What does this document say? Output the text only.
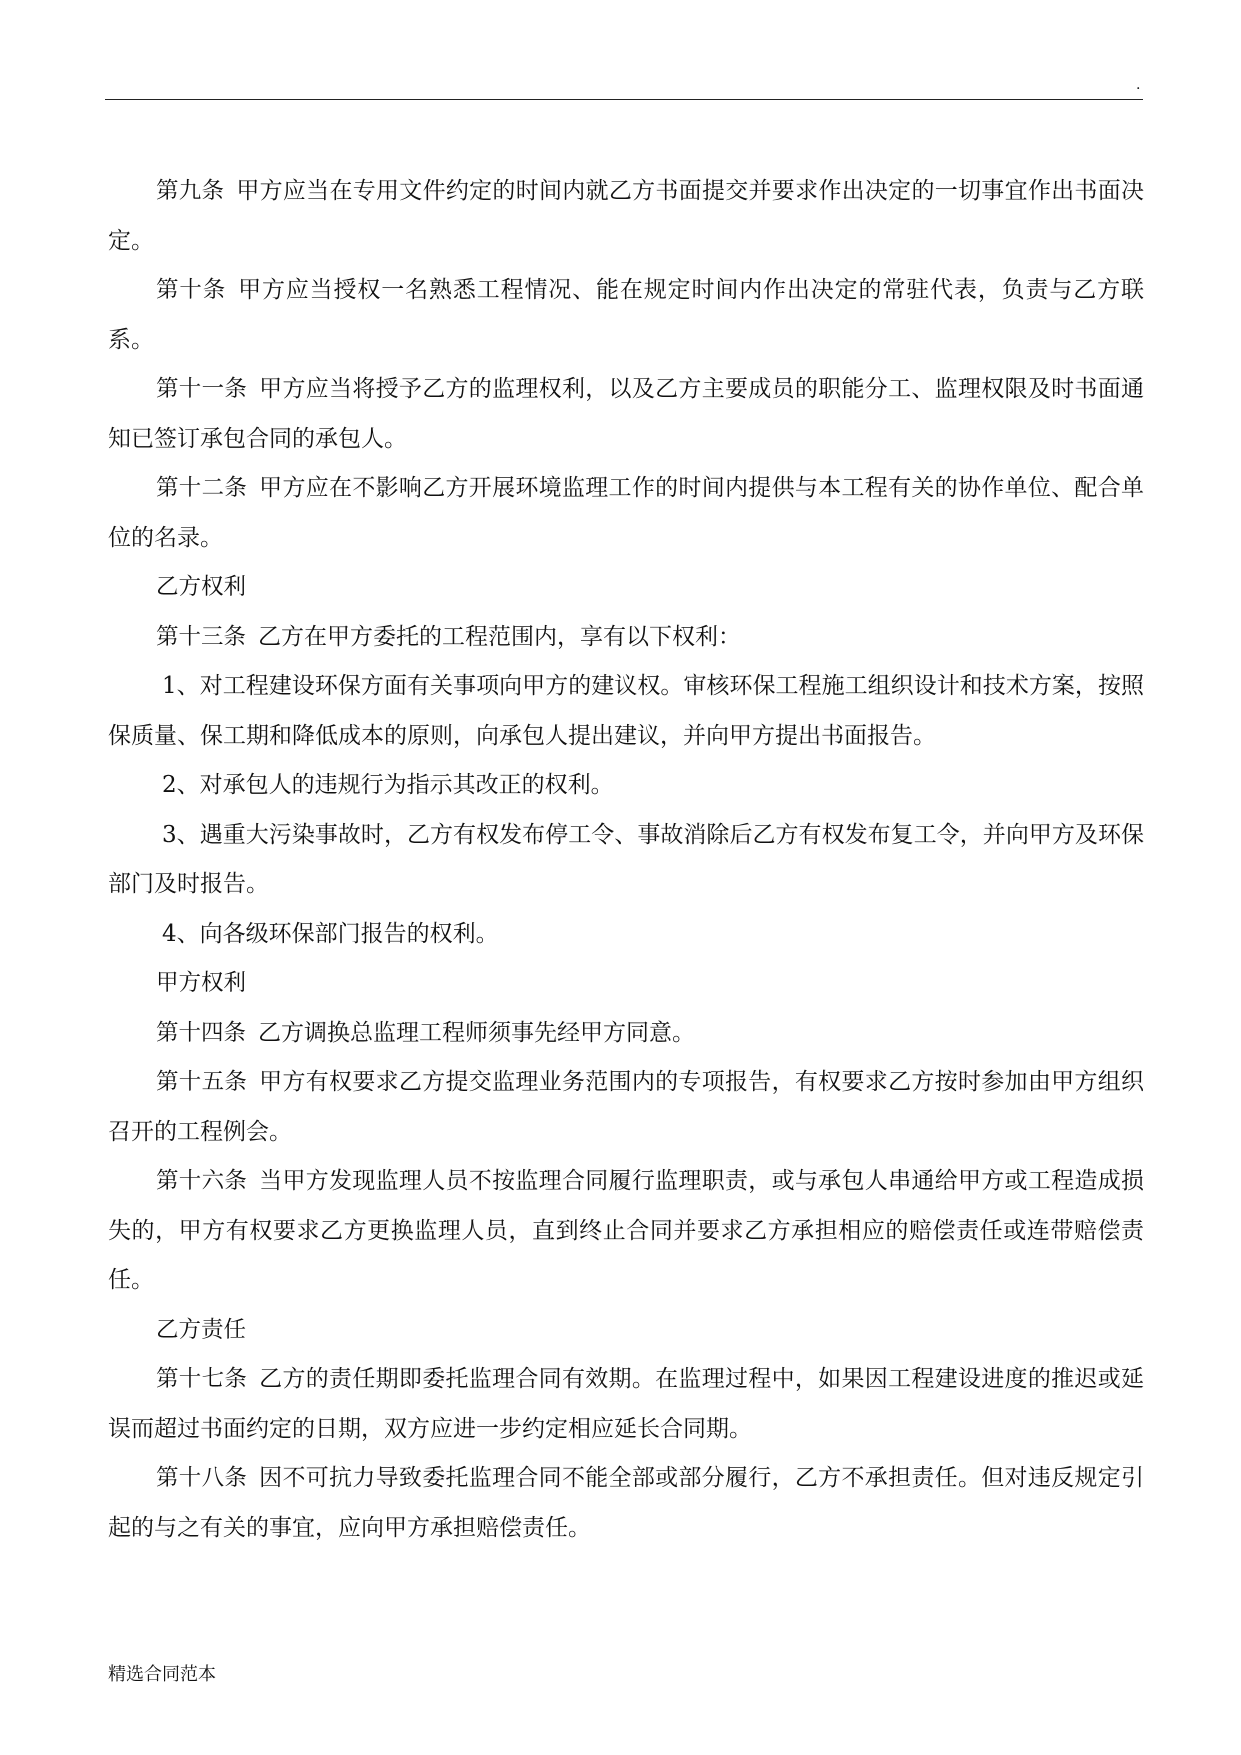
.

第九条 甲方应当在专用文件约定的时间内就乙方书面提交并要求作出决定的一切事宜作出书面决定。

第十条 甲方应当授权一名熟悉工程情况、能在规定时间内作出决定的常驻代表，负责与乙方联系。

第十一条 甲方应当将授予乙方的监理权利，以及乙方主要成员的职能分工、监理权限及时书面通知已签订承包合同的承包人。

第十二条 甲方应在不影响乙方开展环境监理工作的时间内提供与本工程有关的协作单位、配合单位的名录。

乙方权利

第十三条 乙方在甲方委托的工程范围内，享有以下权利：

1、对工程建设环保方面有关事项向甲方的建议权。审核环保工程施工组织设计和技术方案，按照保质量、保工期和降低成本的原则，向承包人提出建议，并向甲方提出书面报告。

2、对承包人的违规行为指示其改正的权利。

3、遇重大污染事故时，乙方有权发布停工令、事故消除后乙方有权发布复工令，并向甲方及环保部门及时报告。

4、向各级环保部门报告的权利。

甲方权利

第十四条 乙方调换总监理工程师须事先经甲方同意。

第十五条 甲方有权要求乙方提交监理业务范围内的专项报告，有权要求乙方按时参加由甲方组织召开的工程例会。

第十六条 当甲方发现监理人员不按监理合同履行监理职责，或与承包人串通给甲方或工程造成损失的，甲方有权要求乙方更换监理人员，直到终止合同并要求乙方承担相应的赔偿责任或连带赔偿责任。

乙方责任

第十七条 乙方的责任期即委托监理合同有效期。在监理过程中，如果因工程建设进度的推迟或延误而超过书面约定的日期，双方应进一步约定相应延长合同期。

第十八条 因不可抗力导致委托监理合同不能全部或部分履行，乙方不承担责任。但对违反规定引起的与之有关的事宜，应向甲方承担赔偿责任。

精选合同范本
